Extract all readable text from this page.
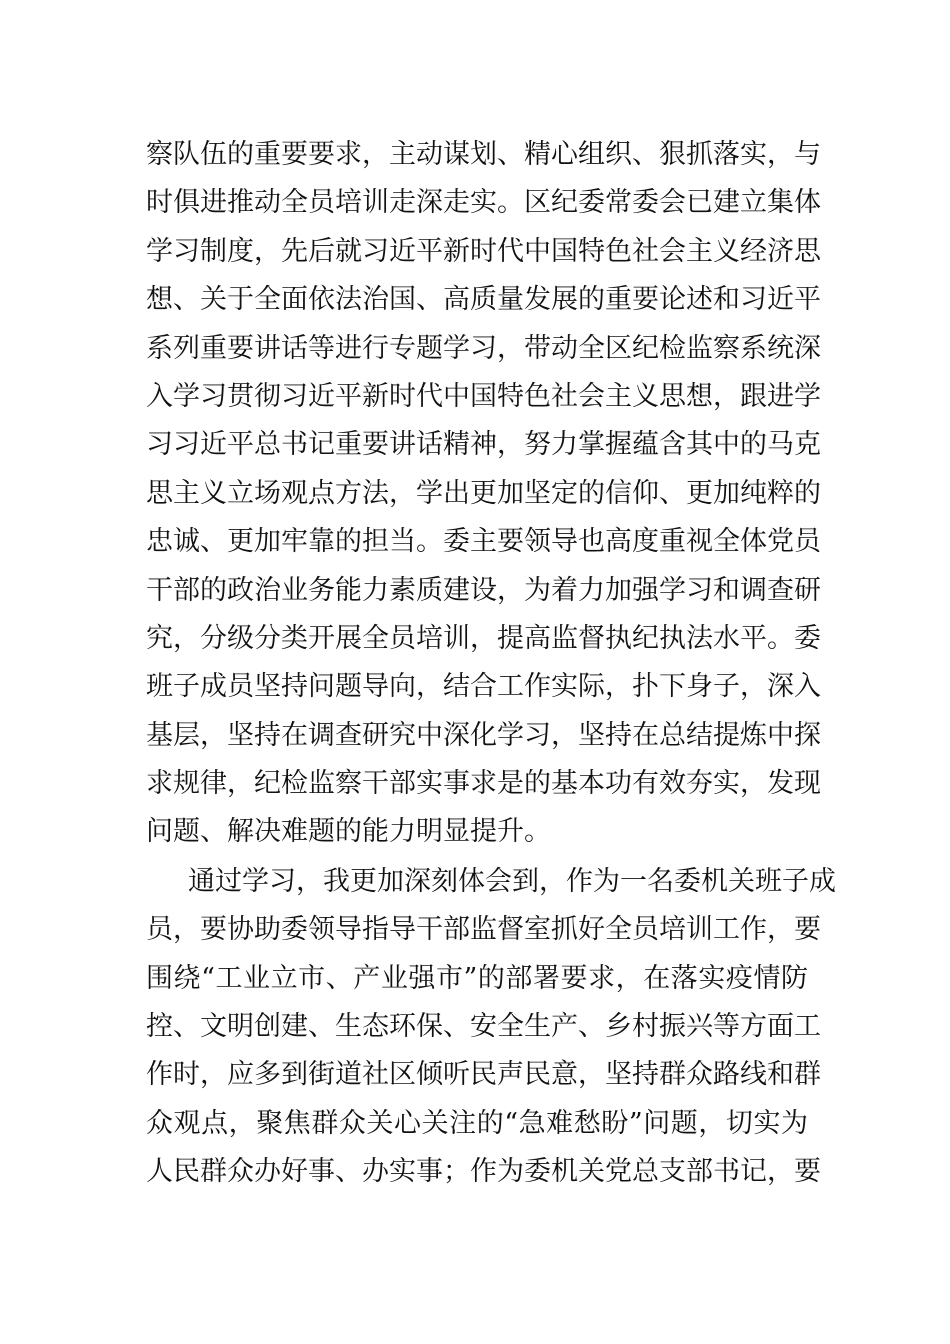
察队伍的重要要求，主动谋划、精心组织、狠抓落实，与
时俱进推动全员培训走深走实。区纪委常委会已建立集体
学习制度，先后就习近平新时代中国特色社会主义经济思
想、关于全面依法治国、高质量发展的重要论述和习近平
系列重要讲话等进行专题学习，带动全区纪检监察系统深
入学习贯彻习近平新时代中国特色社会主义思想，跟进学
习习近平总书记重要讲话精神，努力掌握蕴含其中的马克
思主义立场观点方法，学出更加坚定的信仰、更加纯粹的
忠诚、更加牢靠的担当。委主要领导也高度重视全体党员
干部的政治业务能力素质建设，为着力加强学习和调查研
究，分级分类开展全员培训，提高监督执纪执法水平。委
班子成员坚持问题导向，结合工作实际，扑下身子，深入
基层，坚持在调查研究中深化学习，坚持在总结提炼中探
求规律，纪检监察干部实事求是的基本功有效夯实，发现
问题、解决难题的能力明显提升。
通过学习，我更加深刻体会到，作为一名委机关班子成
员，要协助委领导指导干部监督室抓好全员培训工作，要
围绕“工业立市、产业强市”的部署要求，在落实疫情防
控、文明创建、生态环保、安全生产、乡村振兴等方面工
作时，应多到街道社区倾听民声民意，坚持群众路线和群
众观点，聚焦群众关心关注的“急难愁盼”问题，切实为
人民群众办好事、办实事；作为委机关党总支部书记，要
